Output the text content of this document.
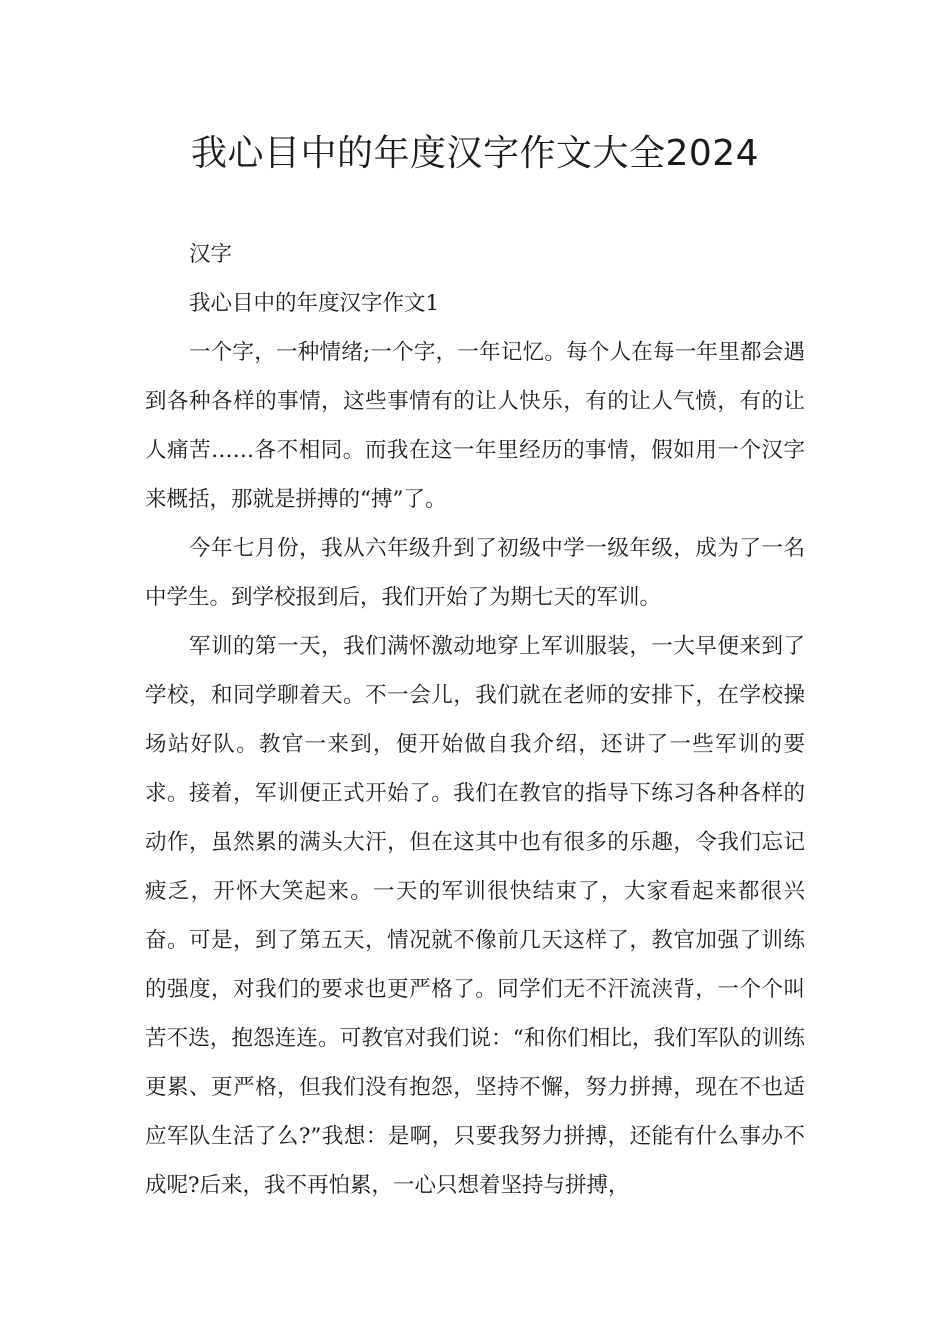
我心目中的年度汉字作文大全2024

汉字

我心目中的年度汉字作文1

一个字，一种情绪;一个字，一年记忆。每个人在每一年里都会遇到各种各样的事情，这些事情有的让人快乐，有的让人气愤，有的让人痛苦……各不相同。而我在这一年里经历的事情，假如用一个汉字来概括，那就是拼搏的“搏”了。

今年七月份，我从六年级升到了初级中学一级年级，成为了一名中学生。到学校报到后，我们开始了为期七天的军训。

军训的第一天，我们满怀激动地穿上军训服装，一大早便来到了学校，和同学聊着天。不一会儿，我们就在老师的安排下，在学校操场站好队。教官一来到，便开始做自我介绍，还讲了一些军训的要求。接着，军训便正式开始了。我们在教官的指导下练习各种各样的动作，虽然累的满头大汗，但在这其中也有很多的乐趣，令我们忘记疲乏，开怀大笑起来。一天的军训很快结束了，大家看起来都很兴奋。可是，到了第五天，情况就不像前几天这样了，教官加强了训练的强度，对我们的要求也更严格了。同学们无不汗流浃背，一个个叫苦不迭，抱怨连连。可教官对我们说：“和你们相比，我们军队的训练更累、更严格，但我们没有抱怨，坚持不懈，努力拼搏，现在不也适应军队生活了么?”我想：是啊，只要我努力拼搏，还能有什么事办不成呢?后来，我不再怕累，一心只想着坚持与拼搏，
